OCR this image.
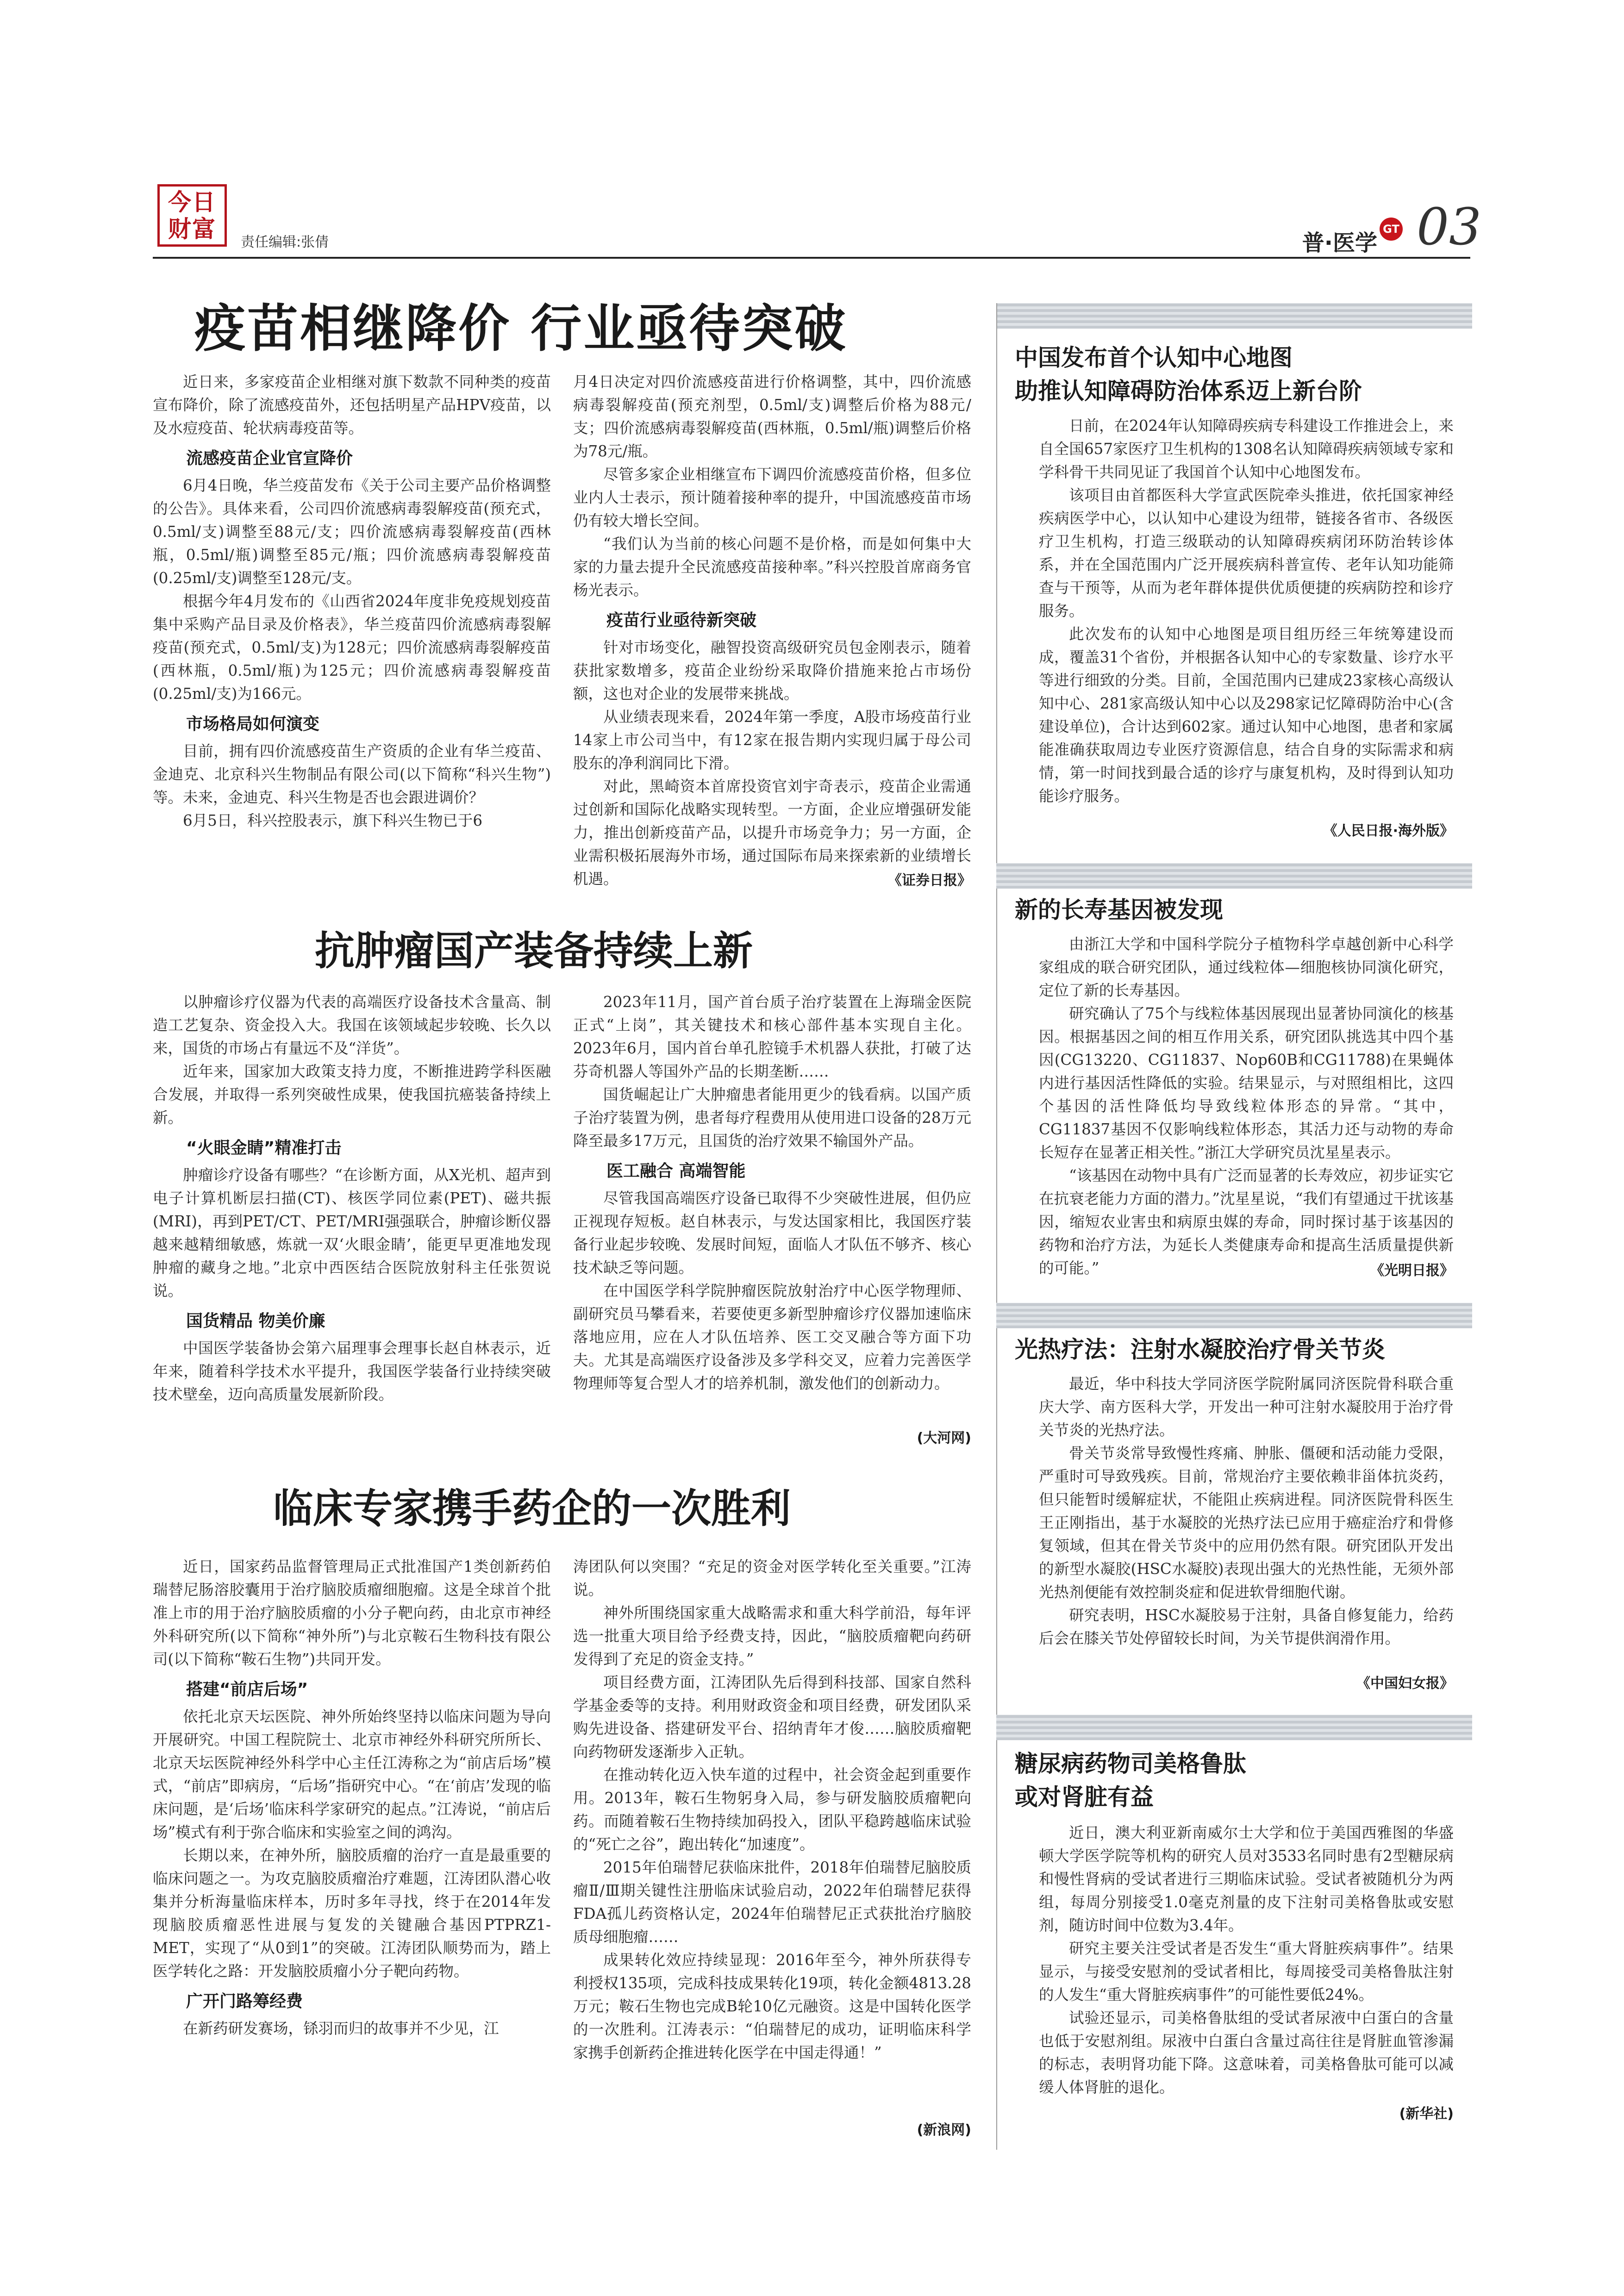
今日
财富 责任编辑:张倩	普·医学
GT 03
疫苗相继降价 行业亟待突破

近日来，多家疫苗企业相继对旗下数款不同种类的疫苗宣布降价，除了流感疫苗外，还包括明星产品HPV疫苗，以及水痘疫苗、轮状病毒疫苗等。

流感疫苗企业官宣降价

6月4日晚，华兰疫苗发布《关于公司主要产品价格调整的公告》。具体来看，公司四价流感病毒裂解疫苗(预充式，0.5ml/支)调整至88元/支；四价流感病毒裂解疫苗(西林瓶，0.5ml/瓶)调整至85元/瓶；四价流感病毒裂解疫苗(0.25ml/支)调整至128元/支。

根据今年4月发布的《山西省2024年度非免疫规划疫苗集中采购产品目录及价格表》，华兰疫苗四价流感病毒裂解疫苗(预充式，0.5ml/支)为128元；四价流感病毒裂解疫苗(西林瓶，0.5ml/瓶)为125元；四价流感病毒裂解疫苗(0.25ml/支)为166元。

市场格局如何演变

目前，拥有四价流感疫苗生产资质的企业有华兰疫苗、金迪克、北京科兴生物制品有限公司(以下简称“科兴生物”)等。未来，金迪克、科兴生物是否也会跟进调价？

6月5日，科兴控股表示，旗下科兴生物已于6

月4日决定对四价流感疫苗进行价格调整，其中，四价流感病毒裂解疫苗(预充剂型，0.5ml/支)调整后价格为88元/支；四价流感病毒裂解疫苗(西林瓶，0.5ml/瓶)调整后价格为78元/瓶。

尽管多家企业相继宣布下调四价流感疫苗价格，但多位业内人士表示，预计随着接种率的提升，中国流感疫苗市场仍有较大增长空间。

“我们认为当前的核心问题不是价格，而是如何集中大家的力量去提升全民流感疫苗接种率。”科兴控股首席商务官杨光表示。

疫苗行业亟待新突破

针对市场变化，融智投资高级研究员包金刚表示，随着获批家数增多，疫苗企业纷纷采取降价措施来抢占市场份额，这也对企业的发展带来挑战。

从业绩表现来看，2024年第一季度，A股市场疫苗行业14家上市公司当中，有12家在报告期内实现归属于母公司股东的净利润同比下滑。

对此，黑崎资本首席投资官刘宇奇表示，疫苗企业需通过创新和国际化战略实现转型。一方面，企业应增强研发能力，推出创新疫苗产品，以提升市场竞争力；另一方面，企业需积极拓展海外市场，通过国际布局来探索新的业绩增长机遇。	《证券日报》
抗肿瘤国产装备持续上新

以肿瘤诊疗仪器为代表的高端医疗设备技术含量高、制造工艺复杂、资金投入大。我国在该领域起步较晚、长久以来，国货的市场占有量远不及“洋货”。

近年来，国家加大政策支持力度，不断推进跨学科医融合发展，并取得一系列突破性成果，使我国抗癌装备持续上新。

“火眼金睛”精准打击

肿瘤诊疗设备有哪些？“在诊断方面，从X光机、超声到电子计算机断层扫描(CT)、核医学同位素(PET)、磁共振(MRI)，再到PET/CT、PET/MRI强强联合，肿瘤诊断仪器越来越精细敏感，炼就一双‘火眼金睛’，能更早更准地发现肿瘤的藏身之地。”北京中西医结合医院放射科主任张贺说说。

国货精品 物美价廉

中国医学装备协会第六届理事会理事长赵自林表示，近年来，随着科学技术水平提升，我国医学装备行业持续突破技术壁垒，迈向高质量发展新阶段。

2023年11月，国产首台质子治疗装置在上海瑞金医院正式“上岗”，其关键技术和核心部件基本实现自主化。2023年6月，国内首台单孔腔镜手术机器人获批，打破了达芬奇机器人等国外产品的长期垄断……

国货崛起让广大肿瘤患者能用更少的钱看病。以国产质子治疗装置为例，患者每疗程费用从使用进口设备的28万元降至最多17万元，且国货的治疗效果不输国外产品。

医工融合 高端智能

尽管我国高端医疗设备已取得不少突破性进展，但仍应正视现存短板。赵自林表示，与发达国家相比，我国医疗装备行业起步较晚、发展时间短，面临人才队伍不够齐、核心技术缺乏等问题。

在中国医学科学院肿瘤医院放射治疗中心医学物理师、副研究员马攀看来，若要使更多新型肿瘤诊疗仪器加速临床落地应用，应在人才队伍培养、医工交叉融合等方面下功夫。尤其是高端医疗设备涉及多学科交叉，应着力完善医学物理师等复合型人才的培养机制，激发他们的创新动力。

(大河网)
临床专家携手药企的一次胜利

近日，国家药品监督管理局正式批准国产1类创新药伯瑞替尼肠溶胶囊用于治疗脑胶质瘤细胞瘤。这是全球首个批准上市的用于治疗脑胶质瘤的小分子靶向药，由北京市神经外科研究所(以下简称“神外所”)与北京鞍石生物科技有限公司(以下简称“鞍石生物”)共同开发。

搭建“前店后场”

依托北京天坛医院、神外所始终坚持以临床问题为导向开展研究。中国工程院院士、北京市神经外科研究所所长、北京天坛医院神经外科学中心主任江涛称之为“前店后场”模式，“前店”即病房，“后场”指研究中心。“在‘前店’发现的临床问题，是‘后场’临床科学家研究的起点。”江涛说，“前店后场”模式有利于弥合临床和实验室之间的鸿沟。

长期以来，在神外所，脑胶质瘤的治疗一直是最重要的临床问题之一。为攻克脑胶质瘤治疗难题，江涛团队潜心收集并分析海量临床样本，历时多年寻找，终于在2014年发现脑胶质瘤恶性进展与复发的关键融合基因PTPRZ1-MET，实现了“从0到1”的突破。江涛团队顺势而为，踏上医学转化之路：开发脑胶质瘤小分子靶向药物。

广开门路筹经费

在新药研发赛场，铩羽而归的故事并不少见，江

涛团队何以突围？“充足的资金对医学转化至关重要。”江涛说。

神外所围绕国家重大战略需求和重大科学前沿，每年评选一批重大项目给予经费支持，因此，“脑胶质瘤靶向药研发得到了充足的资金支持。”

项目经费方面，江涛团队先后得到科技部、国家自然科学基金委等的支持。利用财政资金和项目经费，研发团队采购先进设备、搭建研发平台、招纳青年才俊……脑胶质瘤靶向药物研发逐渐步入正轨。

在推动转化迈入快车道的过程中，社会资金起到重要作用。2013年，鞍石生物躬身入局，参与研发脑胶质瘤靶向药。而随着鞍石生物持续加码投入，团队平稳跨越临床试验的“死亡之谷”，跑出转化“加速度”。

2015年伯瑞替尼获临床批件，2018年伯瑞替尼脑胶质瘤Ⅱ/Ⅲ期关键性注册临床试验启动，2022年伯瑞替尼获得FDA孤儿药资格认定，2024年伯瑞替尼正式获批治疗脑胶质母细胞瘤……

成果转化效应持续显现：2016年至今，神外所获得专利授权135项，完成科技成果转化19项，转化金额4813.28万元；鞍石生物也完成B轮10亿元融资。这是中国转化医学的一次胜利。江涛表示：“伯瑞替尼的成功，证明临床科学家携手创新药企推进转化医学在中国走得通！”

(新浪网)
中国发布首个认知中心地图
助推认知障碍防治体系迈上新台阶

日前，在2024年认知障碍疾病专科建设工作推进会上，来自全国657家医疗卫生机构的1308名认知障碍疾病领域专家和学科骨干共同见证了我国首个认知中心地图发布。

该项目由首都医科大学宣武医院牵头推进，依托国家神经疾病医学中心，以认知中心建设为纽带，链接各省市、各级医疗卫生机构，打造三级联动的认知障碍疾病闭环防治转诊体系，并在全国范围内广泛开展疾病科普宣传、老年认知功能筛查与干预等，从而为老年群体提供优质便捷的疾病防控和诊疗服务。

此次发布的认知中心地图是项目组历经三年统筹建设而成，覆盖31个省份，并根据各认知中心的专家数量、诊疗水平等进行细致的分类。目前，全国范围内已建成23家核心高级认知中心、281家高级认知中心以及298家记忆障碍防治中心(含建设单位)，合计达到602家。通过认知中心地图，患者和家属能准确获取周边专业医疗资源信息，结合自身的实际需求和病情，第一时间找到最合适的诊疗与康复机构，及时得到认知功能诊疗服务。

《人民日报·海外版》
新的长寿基因被发现

由浙江大学和中国科学院分子植物科学卓越创新中心科学家组成的联合研究团队，通过线粒体—细胞核协同演化研究，定位了新的长寿基因。

研究确认了75个与线粒体基因展现出显著协同演化的核基因。根据基因之间的相互作用关系，研究团队挑选其中四个基因(CG13220、CG11837、Nop60B和CG11788)在果蝇体内进行基因活性降低的实验。结果显示，与对照组相比，这四个基因的活性降低均导致线粒体形态的异常。“其中，CG11837基因不仅影响线粒体形态，其活力还与动物的寿命长短存在显著正相关性。”浙江大学研究员沈星星表示。

“该基因在动物中具有广泛而显著的长寿效应，初步证实它在抗衰老能力方面的潜力。”沈星星说，“我们有望通过干扰该基因，缩短农业害虫和病原虫媒的寿命，同时探讨基于该基因的药物和治疗方法，为延长人类健康寿命和提高生活质量提供新的可能。”	《光明日报》
光热疗法：注射水凝胶治疗骨关节炎

最近，华中科技大学同济医学院附属同济医院骨科联合重庆大学、南方医科大学，开发出一种可注射水凝胶用于治疗骨关节炎的光热疗法。

骨关节炎常导致慢性疼痛、肿胀、僵硬和活动能力受限，严重时可导致残疾。目前，常规治疗主要依赖非甾体抗炎药，但只能暂时缓解症状，不能阻止疾病进程。同济医院骨科医生王正刚指出，基于水凝胶的光热疗法已应用于癌症治疗和骨修复领域，但其在骨关节炎中的应用仍然有限。研究团队开发出的新型水凝胶(HSC水凝胶)表现出强大的光热性能，无须外部光热剂便能有效控制炎症和促进软骨细胞代谢。

研究表明，HSC水凝胶易于注射，具备自修复能力，给药后会在膝关节处停留较长时间，为关节提供润滑作用。

《中国妇女报》
糖尿病药物司美格鲁肽
或对肾脏有益

近日，澳大利亚新南威尔士大学和位于美国西雅图的华盛顿大学医学院等机构的研究人员对3533名同时患有2型糖尿病和慢性肾病的受试者进行三期临床试验。受试者被随机分为两组，每周分别接受1.0毫克剂量的皮下注射司美格鲁肽或安慰剂，随访时间中位数为3.4年。

研究主要关注受试者是否发生“重大肾脏疾病事件”。结果显示，与接受安慰剂的受试者相比，每周接受司美格鲁肽注射的人发生“重大肾脏疾病事件”的可能性要低24%。

试验还显示，司美格鲁肽组的受试者尿液中白蛋白的含量也低于安慰剂组。尿液中白蛋白含量过高往往是肾脏血管渗漏的标志，表明肾功能下降。这意味着，司美格鲁肽可能可以减缓人体肾脏的退化。

(新华社)
